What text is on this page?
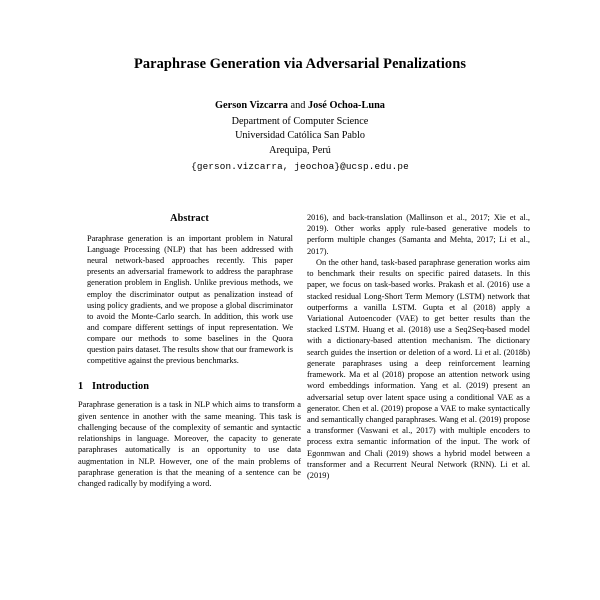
Paraphrase Generation via Adversarial Penalizations
Gerson Vizcarra and José Ochoa-Luna
Department of Computer Science
Universidad Católica San Pablo
Arequipa, Perú
{gerson.vizcarra, jeochoa}@ucsp.edu.pe
Abstract
Paraphrase generation is an important problem in Natural Language Processing (NLP) that has been addressed with neural network-based approaches recently. This paper presents an adversarial framework to address the paraphrase generation problem in English. Unlike previous methods, we employ the discriminator output as penalization instead of using policy gradients, and we propose a global discriminator to avoid the Monte-Carlo search. In addition, this work use and compare different settings of input representation. We compare our methods to some baselines in the Quora question pairs dataset. The results show that our framework is competitive against the previous benchmarks.
1 Introduction

Paraphrase generation is a task in NLP which aims to transform a given sentence in another with the same meaning. This task is challenging because of the complexity of semantic and syntactic relationships in language. Moreover, the capacity to generate paraphrases automatically is an opportunity to use data augmentation in NLP. However, one of the main problems of paraphrase generation is that the meaning of a sentence can be changed radically by modifying a word.

2016), and back-translation (Mallinson et al., 2017; Xie et al., 2019). Other works apply rule-based generative models to perform multiple changes (Samanta and Mehta, 2017; Li et al., 2017).

On the other hand, task-based paraphrase generation works aim to benchmark their results on specific paired datasets. In this paper, we focus on task-based works. Prakash et al. (2016) use a stacked residual Long-Short Term Memory (LSTM) network that outperforms a vanilla LSTM. Gupta et al (2018) apply a Variational Autoencoder (VAE) to get better results than the stacked LSTM. Huang et al. (2018) use a Seq2Seq-based model with a dictionary-based attention mechanism. The dictionary search guides the insertion or deletion of a word. Li et al. (2018b) generate paraphrases using a deep reinforcement learning framework. Ma et al (2018) propose an attention network using word embeddings information. Yang et al. (2019) present an adversarial setup over latent space using a conditional VAE as a generator. Chen et al. (2019) propose a VAE to make syntactically and semantically changed paraphrases. Wang et al. (2019) propose a transformer (Vaswani et al., 2017) with multiple encoders to process extra semantic information of the input. The work of Egonmwan and Chali (2019) shows a hybrid model between a transformer and a Recurrent Neural Network (RNN). Li et al. (2019)
